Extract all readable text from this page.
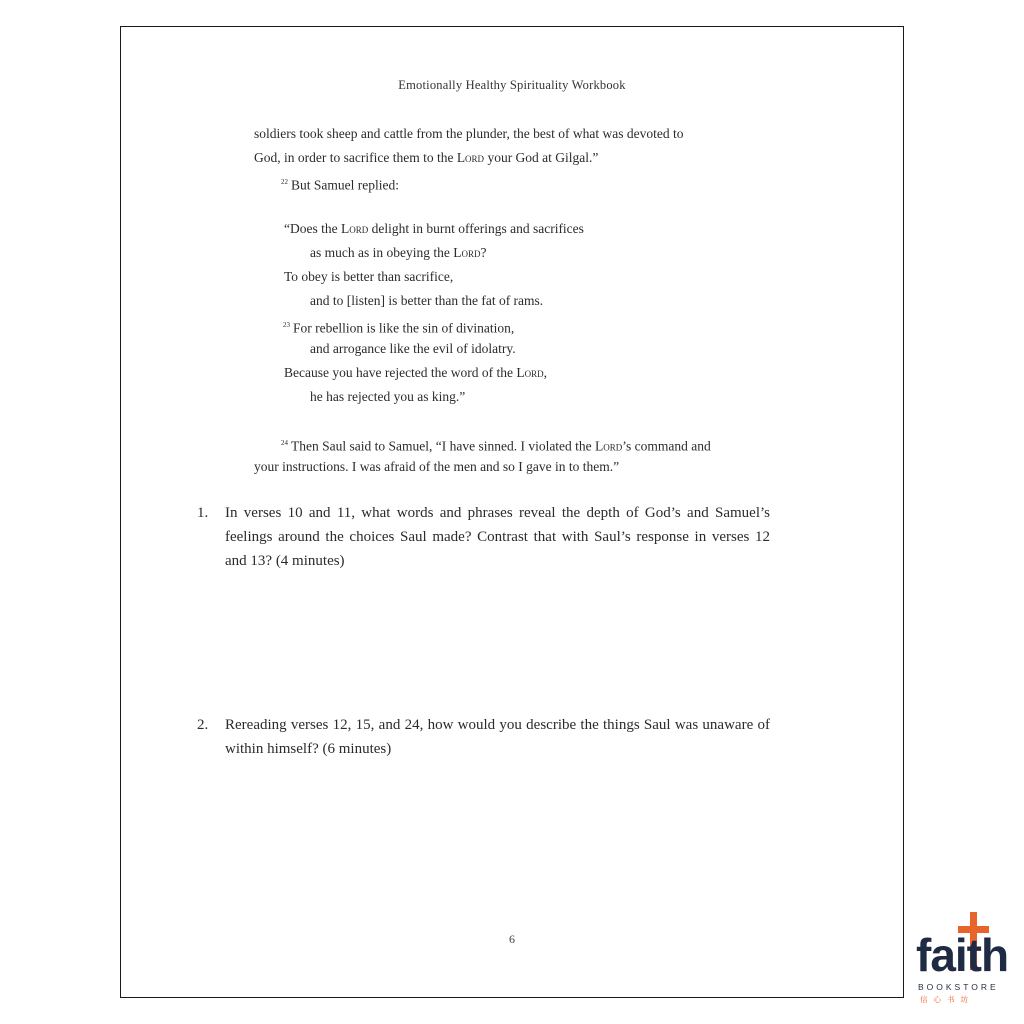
Emotionally Healthy Spirituality Workbook
soldiers took sheep and cattle from the plunder, the best of what was devoted to
God, in order to sacrifice them to the Lord your God at Gilgal.”
$^{22}$ But Samuel replied:
“Does the Lord delight in burnt offerings and sacrifices
as much as in obeying the Lord?
To obey is better than sacrifice,
and to [listen] is better than the fat of rams.
$^{23}$ For rebellion is like the sin of divination,
and arrogance like the evil of idolatry.
Because you have rejected the word of the Lord,
he has rejected you as king.”
$^{24}$ Then Saul said to Samuel, “I have sinned. I violated the Lord’s command and
your instructions. I was afraid of the men and so I gave in to them.”
1. In verses 10 and 11, what words and phrases reveal the depth of God’s and Samuel’s feelings around the choices Saul made? Contrast that with Saul’s response in verses 12 and 13? (4 minutes)
2. Rereading verses 12, 15, and 24, how would you describe the things Saul was unaware of within himself? (6 minutes)
6	faith
BOOKSTORE
信心书坊
